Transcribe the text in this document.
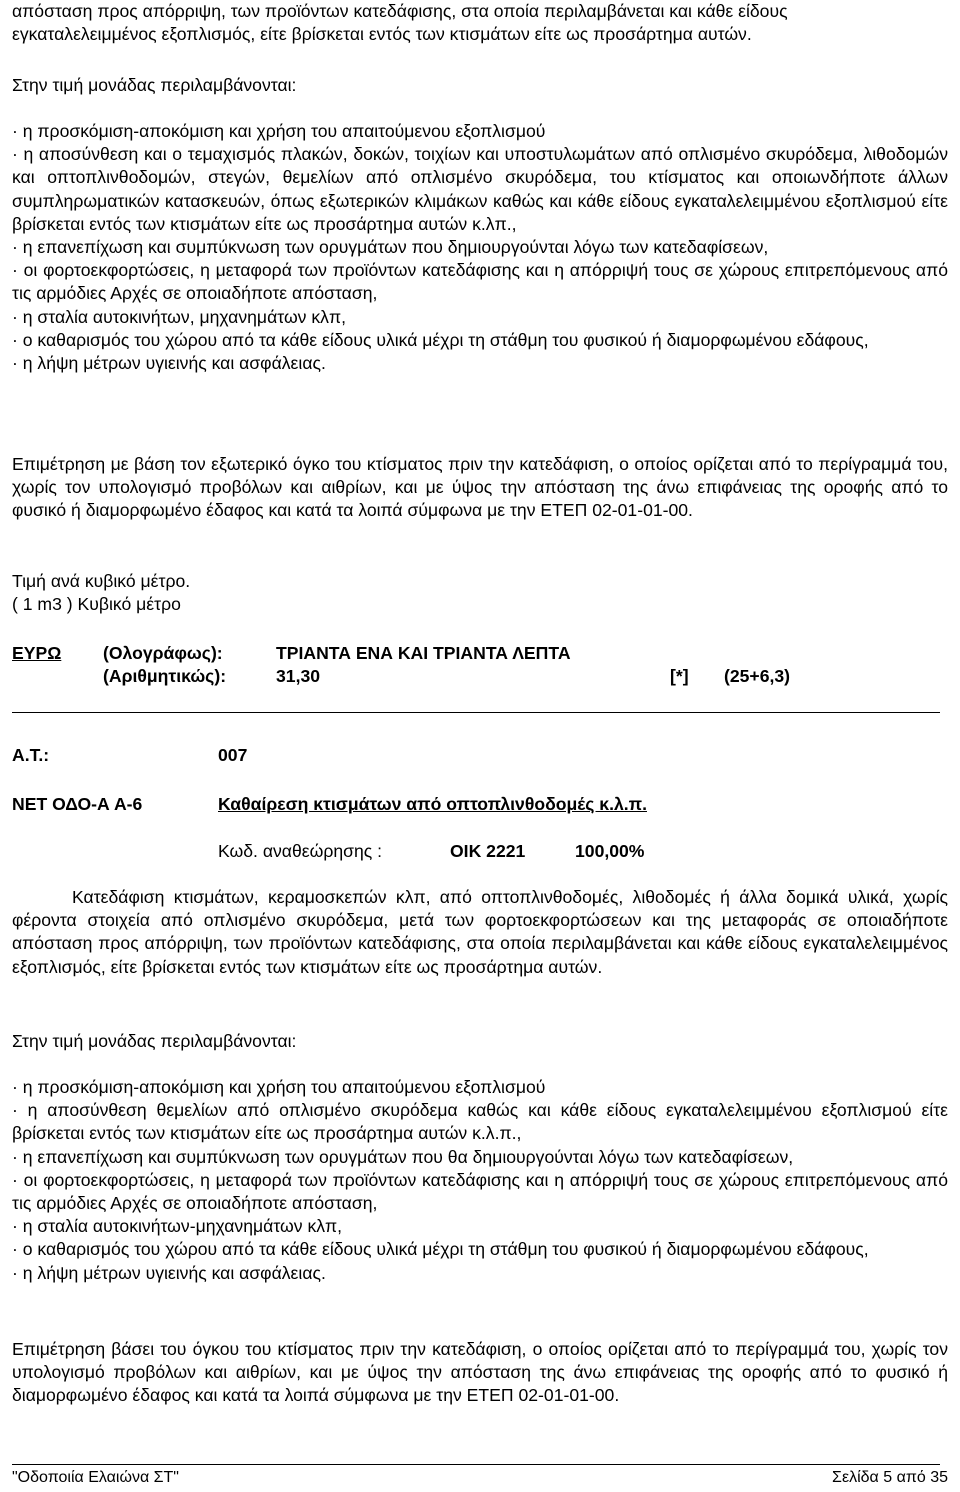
απόσταση προς απόρριψη, των προϊόντων κατεδάφισης, στα οποία περιλαμβάνεται και κάθε είδους
εγκαταλελειμμένος εξοπλισμός, είτε βρίσκεται εντός των κτισμάτων είτε ως προσάρτημα αυτών.
Στην τιμή μονάδας περιλαμβάνονται:
· η προσκόμιση-αποκόμιση και χρήση του απαιτούμενου εξοπλισμού

· η αποσύνθεση και ο τεμαχισμός πλακών, δοκών, τοιχίων και υποστυλωμάτων από οπλισμένο σκυρόδεμα, λιθοδομών και οπτοπλινθοδομών, στεγών, θεμελίων από οπλισμένο σκυρόδεμα, του κτίσματος και οποιωνδήποτε άλλων συμπληρωματικών κατασκευών, όπως εξωτερικών κλιμάκων καθώς και κάθε είδους εγκαταλελειμμένου εξοπλισμού είτε βρίσκεται εντός των κτισμάτων είτε ως προσάρτημα αυτών κ.λπ.,

· η επανεπίχωση και συμπύκνωση των ορυγμάτων που δημιουργούνται λόγω των κατεδαφίσεων,

· οι φορτοεκφορτώσεις, η μεταφορά των προϊόντων κατεδάφισης και η απόρριψή τους σε χώρους επιτρεπόμενους από τις αρμόδιες Αρχές σε οποιαδήποτε απόσταση,

· η σταλία αυτοκινήτων, μηχανημάτων κλπ,

· ο καθαρισμός του χώρου από τα κάθε είδους υλικά μέχρι τη στάθμη του φυσικού ή διαμορφωμένου εδάφους,

· η λήψη μέτρων υγιεινής και ασφάλειας.

Επιμέτρηση με βάση τον εξωτερικό όγκο του κτίσματος πριν την κατεδάφιση, ο οποίος ορίζεται από το περίγραμμά του, χωρίς τον υπολογισμό προβόλων και αιθρίων, και με ύψος την απόσταση της άνω επιφάνειας της οροφής από το φυσικό ή διαμορφωμένο έδαφος και κατά τα λοιπά σύμφωνα με την ΕΤΕΠ 02-01-01-00.

Τιμή ανά κυβικό μέτρο.
( 1 m3 ) Κυβικό μέτρο
ΕΥΡΩ (Ολογράφως):	ΤΡΙΑΝΤΑ ΕΝΑ ΚΑΙ ΤΡΙΑΝΤΑ ΛΕΠΤΑ
(Αριθμητικώς):	31,30	[*] (25+6,3)
Α.Τ.:	007
ΝΕΤ ΟΔΟ-Α Α-6	Καθαίρεση κτισμάτων από οπτοπλινθοδομές κ.λ.π.
Κωδ. αναθεώρησης :	ΟΙΚ 2221	100,00%

Κατεδάφιση κτισμάτων, κεραμοσκεπών κλπ, από οπτοπλινθοδομές, λιθοδομές ή άλλα δομικά υλικά, χωρίς φέροντα στοιχεία από οπλισμένο σκυρόδεμα, μετά των φορτοεκφορτώσεων και της μεταφοράς σε οποιαδήποτε απόσταση προς απόρριψη, των προϊόντων κατεδάφισης, στα οποία περιλαμβάνεται και κάθε είδους εγκαταλελειμμένος εξοπλισμός, είτε βρίσκεται εντός των κτισμάτων είτε ως προσάρτημα αυτών.

Στην τιμή μονάδας περιλαμβάνονται:
· η προσκόμιση-αποκόμιση και χρήση του απαιτούμενου εξοπλισμού

· η αποσύνθεση θεμελίων από οπλισμένο σκυρόδεμα καθώς και κάθε είδους εγκαταλελειμμένου εξοπλισμού είτε βρίσκεται εντός των κτισμάτων είτε ως προσάρτημα αυτών κ.λ.π.,

· η επανεπίχωση και συμπύκνωση των ορυγμάτων που θα δημιουργούνται λόγω των κατεδαφίσεων,

· οι φορτοεκφορτώσεις, η μεταφορά των προϊόντων κατεδάφισης και η απόρριψή τους σε χώρους επιτρεπόμενους από τις αρμόδιες Αρχές σε οποιαδήποτε απόσταση,

· η σταλία αυτοκινήτων-μηχανημάτων κλπ,

· ο καθαρισμός του χώρου από τα κάθε είδους υλικά μέχρι τη στάθμη του φυσικού ή διαμορφωμένου εδάφους,

· η λήψη μέτρων υγιεινής και ασφάλειας.

Επιμέτρηση βάσει του όγκου του κτίσματος πριν την κατεδάφιση, ο οποίος ορίζεται από το περίγραμμά του, χωρίς τον υπολογισμό προβόλων και αιθρίων, και με ύψος την απόσταση της άνω επιφάνειας της οροφής από το φυσικό ή διαμορφωμένο έδαφος και κατά τα λοιπά σύμφωνα με την ΕΤΕΠ 02-01-01-00.

"Οδοποιία Ελαιώνα ΣΤ"	Σελίδα 5 από 35
